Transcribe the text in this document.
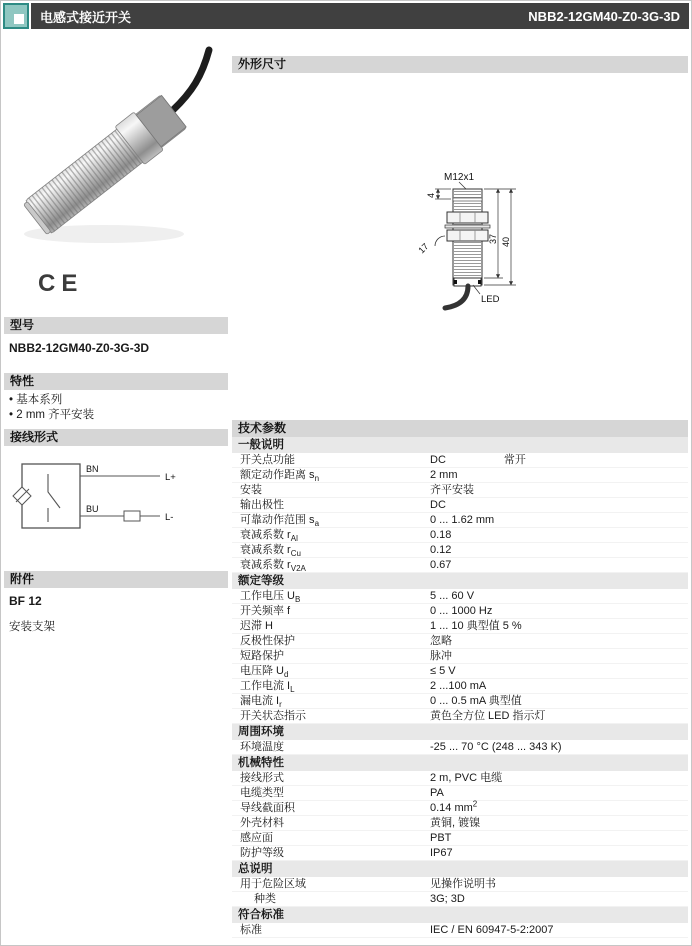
电感式接近开关	NBB2-12GM40-Z0-3G-3D
CE
型号
NBB2-12GM40-Z0-3G-3D
特性
• 基本系列
• 2 mm 齐平安装
接线形式
BN
L+
BU
L-
附件
BF 12
安装支架
外形尺寸
M12x1
4
37 40
17
LED
技术参数
一般说明
开关点功能	DC	常开
额定动作距离 $s_n$	2 mm
安装	齐平安装
输出极性	DC
可靠动作范围 $s_a$	0 ... 1.62 mm
衰减系数 $r_{Al}$	0.18
衰减系数 $r_{Cu}$	0.12
衰减系数 $r_{V2A}$	0.67
额定等级
工作电压 $U_B$	5 ... 60 V
开关频率 f	0 ... 1000 Hz
迟滞 H	1 ... 10 典型值 5 %
反极性保护	忽略
短路保护	脉冲
电压降 $U_d$	≤ 5 V
工作电流 $I_L$	2 ...100 mA
漏电流 $I_r$	0 ... 0.5 mA 典型值
开关状态指示	黄色全方位 LED 指示灯
周围环境
环境温度	-25 ... 70 °C (248 ... 343 K)
机械特性
接线形式	2 m, PVC 电缆
电缆类型	PA
导线截面积	0.14 $mm^2$
外壳材料	黄铜, 镀镍
感应面	PBT
防护等级	IP67
总说明
用于危险区域	见操作说明书
种类	3G; 3D
符合标准
标准	IEC / EN 60947-5-2:2007
